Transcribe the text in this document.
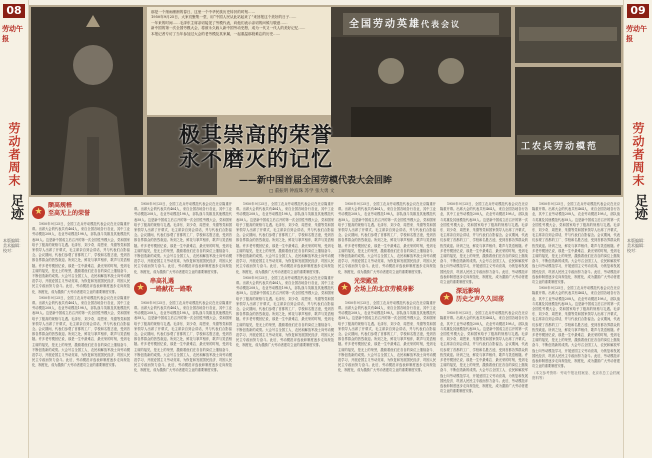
08
劳动午报
劳动者周末
足迹
本版编辑：
美术编辑：
校对：
09
劳动午报
劳动者周末
足迹
本版编辑：
美术编辑：
校对：
那是一个细雨淅淅的春日，这里一个中华民族历史转折的时刻……
1950年9月25日，大家们聚集一堂，用“中国人民从此站起来了”来回报这个美好的日子……
一年来的时间……毛泽东主席亲切接见了劳模代表，向他们表示亲切的问候与敬意……
新中国的第一次全国劳模大会，将被永久载入新中国劳动史册，成为一代又一代人的美好记忆……
本报记者专访了当年参加过大会的老劳模及其家属，一起重温那段难忘的历史……
全国劳动英雄 代表会议
工农兵劳动模范
极其崇高的荣誉
永不磨灭的记忆
——新中国首届全国劳模代表大会回眸
□ 董振明 钟波珠 苏学 张大勇 文
★
颇高规格
至高无上的荣誉

1950年9月25日，全国工农兵劳动模范代表会议在北京隆重开幕。出席大会的代表共有464人，来自全国各地各行各业，其中工业劳动模范208人，农业劳动模范198人，部队战斗英雄及其他模范代表58人。这是新中国成立后召开的第一次全国性劳模大会，党和国家给予了极高的规格与礼遇。毛泽东、刘少奇、周恩来、朱德等党和国家领导人出席了开幕式，毛主席亲自到会讲话，并与代表们合影留念。会议期间，代表们参观了首都的工厂、学校和名胜古迹，受到首都各界群众的热烈欢迎。所到之处，鲜花与掌声相伴，歌声与笑语相随。许多老劳模回忆说，那是一生中最难忘、最光荣的时刻，受到毛主席的接见，是无上的荣誉，激励着他们在各自的岗位上继续奋斗、不断创造新的成绩。大会号召全国工人、农民和解放军战士向劳动模范学习，开展爱国主义劳动竞赛，为恢复和发展国民经济、巩固人民民主专政而努力奋斗。此后，劳动模范评选表彰制度逐步走向规范化、制度化，成为激励广大劳动者建功立业的重要制度安排。

1950年9月25日，全国工农兵劳动模范代表会议在北京隆重开幕。出席大会的代表共有464人，来自全国各地各行各业，其中工业劳动模范208人，农业劳动模范198人，部队战斗英雄及其他模范代表58人。这是新中国成立后召开的第一次全国性劳模大会，党和国家给予了极高的规格与礼遇。毛泽东、刘少奇、周恩来、朱德等党和国家领导人出席了开幕式，毛主席亲自到会讲话，并与代表们合影留念。会议期间，代表们参观了首都的工厂、学校和名胜古迹，受到首都各界群众的热烈欢迎。所到之处，鲜花与掌声相伴，歌声与笑语相随。许多老劳模回忆说，那是一生中最难忘、最光荣的时刻，受到毛主席的接见，是无上的荣誉，激励着他们在各自的岗位上继续奋斗、不断创造新的成绩。大会号召全国工人、农民和解放军战士向劳动模范学习，开展爱国主义劳动竞赛，为恢复和发展国民经济、巩固人民民主专政而努力奋斗。此后，劳动模范评选表彰制度逐步走向规范化、制度化，成为激励广大劳动者建功立业的重要制度安排。

1950年9月25日，全国工农兵劳动模范代表会议在北京隆重开幕。出席大会的代表共有464人，来自全国各地各行各业，其中工业劳动模范208人，农业劳动模范198人，部队战斗英雄及其他模范代表58人。这是新中国成立后召开的第一次全国性劳模大会，党和国家给予了极高的规格与礼遇。毛泽东、刘少奇、周恩来、朱德等党和国家领导人出席了开幕式，毛主席亲自到会讲话，并与代表们合影留念。会议期间，代表们参观了首都的工厂、学校和名胜古迹，受到首都各界群众的热烈欢迎。所到之处，鲜花与掌声相伴，歌声与笑语相随。许多老劳模回忆说，那是一生中最难忘、最光荣的时刻，受到毛主席的接见，是无上的荣誉，激励着他们在各自的岗位上继续奋斗、不断创造新的成绩。大会号召全国工人、农民和解放军战士向劳动模范学习，开展爱国主义劳动竞赛，为恢复和发展国民经济、巩固人民民主专政而努力奋斗。此后，劳动模范评选表彰制度逐步走向规范化、制度化，成为激励广大劳动者建功立业的重要制度安排。

★
串高礼遇
一路献花一路歌

1950年9月25日，全国工农兵劳动模范代表会议在北京隆重开幕。出席大会的代表共有464人，来自全国各地各行各业，其中工业劳动模范208人，农业劳动模范198人，部队战斗英雄及其他模范代表58人。这是新中国成立后召开的第一次全国性劳模大会，党和国家给予了极高的规格与礼遇。毛泽东、刘少奇、周恩来、朱德等党和国家领导人出席了开幕式，毛主席亲自到会讲话，并与代表们合影留念。会议期间，代表们参观了首都的工厂、学校和名胜古迹，受到首都各界群众的热烈欢迎。所到之处，鲜花与掌声相伴，歌声与笑语相随。许多老劳模回忆说，那是一生中最难忘、最光荣的时刻，受到毛主席的接见，是无上的荣誉，激励着他们在各自的岗位上继续奋斗、不断创造新的成绩。大会号召全国工人、农民和解放军战士向劳动模范学习，开展爱国主义劳动竞赛，为恢复和发展国民经济、巩固人民民主专政而努力奋斗。此后，劳动模范评选表彰制度逐步走向规范化、制度化，成为激励广大劳动者建功立业的重要制度安排。

1950年9月25日，全国工农兵劳动模范代表会议在北京隆重开幕。出席大会的代表共有464人，来自全国各地各行各业，其中工业劳动模范208人，农业劳动模范198人，部队战斗英雄及其他模范代表58人。这是新中国成立后召开的第一次全国性劳模大会，党和国家给予了极高的规格与礼遇。毛泽东、刘少奇、周恩来、朱德等党和国家领导人出席了开幕式，毛主席亲自到会讲话，并与代表们合影留念。会议期间，代表们参观了首都的工厂、学校和名胜古迹，受到首都各界群众的热烈欢迎。所到之处，鲜花与掌声相伴，歌声与笑语相随。许多老劳模回忆说，那是一生中最难忘、最光荣的时刻，受到毛主席的接见，是无上的荣誉，激励着他们在各自的岗位上继续奋斗、不断创造新的成绩。大会号召全国工人、农民和解放军战士向劳动模范学习，开展爱国主义劳动竞赛，为恢复和发展国民经济、巩固人民民主专政而努力奋斗。此后，劳动模范评选表彰制度逐步走向规范化、制度化，成为激励广大劳动者建功立业的重要制度安排。

1950年9月25日，全国工农兵劳动模范代表会议在北京隆重开幕。出席大会的代表共有464人，来自全国各地各行各业，其中工业劳动模范208人，农业劳动模范198人，部队战斗英雄及其他模范代表58人。这是新中国成立后召开的第一次全国性劳模大会，党和国家给予了极高的规格与礼遇。毛泽东、刘少奇、周恩来、朱德等党和国家领导人出席了开幕式，毛主席亲自到会讲话，并与代表们合影留念。会议期间，代表们参观了首都的工厂、学校和名胜古迹，受到首都各界群众的热烈欢迎。所到之处，鲜花与掌声相伴，歌声与笑语相随。许多老劳模回忆说，那是一生中最难忘、最光荣的时刻，受到毛主席的接见，是无上的荣誉，激励着他们在各自的岗位上继续奋斗、不断创造新的成绩。大会号召全国工人、农民和解放军战士向劳动模范学习，开展爱国主义劳动竞赛，为恢复和发展国民经济、巩固人民民主专政而努力奋斗。此后，劳动模范评选表彰制度逐步走向规范化、制度化，成为激励广大劳动者建功立业的重要制度安排。

1950年9月25日，全国工农兵劳动模范代表会议在北京隆重开幕。出席大会的代表共有464人，来自全国各地各行各业，其中工业劳动模范208人，农业劳动模范198人，部队战斗英雄及其他模范代表58人。这是新中国成立后召开的第一次全国性劳模大会，党和国家给予了极高的规格与礼遇。毛泽东、刘少奇、周恩来、朱德等党和国家领导人出席了开幕式，毛主席亲自到会讲话，并与代表们合影留念。会议期间，代表们参观了首都的工厂、学校和名胜古迹，受到首都各界群众的热烈欢迎。所到之处，鲜花与掌声相伴，歌声与笑语相随。许多老劳模回忆说，那是一生中最难忘、最光荣的时刻，受到毛主席的接见，是无上的荣誉，激励着他们在各自的岗位上继续奋斗、不断创造新的成绩。大会号召全国工人、农民和解放军战士向劳动模范学习，开展爱国主义劳动竞赛，为恢复和发展国民经济、巩固人民民主专政而努力奋斗。此后，劳动模范评选表彰制度逐步走向规范化、制度化，成为激励广大劳动者建功立业的重要制度安排。

★
光荣殿堂
会场上的北京劳模身影

1950年9月25日，全国工农兵劳动模范代表会议在北京隆重开幕。出席大会的代表共有464人，来自全国各地各行各业，其中工业劳动模范208人，农业劳动模范198人，部队战斗英雄及其他模范代表58人。这是新中国成立后召开的第一次全国性劳模大会，党和国家给予了极高的规格与礼遇。毛泽东、刘少奇、周恩来、朱德等党和国家领导人出席了开幕式，毛主席亲自到会讲话，并与代表们合影留念。会议期间，代表们参观了首都的工厂、学校和名胜古迹，受到首都各界群众的热烈欢迎。所到之处，鲜花与掌声相伴，歌声与笑语相随。许多老劳模回忆说，那是一生中最难忘、最光荣的时刻，受到毛主席的接见，是无上的荣誉，激励着他们在各自的岗位上继续奋斗、不断创造新的成绩。大会号召全国工人、农民和解放军战士向劳动模范学习，开展爱国主义劳动竞赛，为恢复和发展国民经济、巩固人民民主专政而努力奋斗。此后，劳动模范评选表彰制度逐步走向规范化、制度化，成为激励广大劳动者建功立业的重要制度安排。

1950年9月25日，全国工农兵劳动模范代表会议在北京隆重开幕。出席大会的代表共有464人，来自全国各地各行各业，其中工业劳动模范208人，农业劳动模范198人，部队战斗英雄及其他模范代表58人。这是新中国成立后召开的第一次全国性劳模大会，党和国家给予了极高的规格与礼遇。毛泽东、刘少奇、周恩来、朱德等党和国家领导人出席了开幕式，毛主席亲自到会讲话，并与代表们合影留念。会议期间，代表们参观了首都的工厂、学校和名胜古迹，受到首都各界群众的热烈欢迎。所到之处，鲜花与掌声相伴，歌声与笑语相随。许多老劳模回忆说，那是一生中最难忘、最光荣的时刻，受到毛主席的接见，是无上的荣誉，激励着他们在各自的岗位上继续奋斗、不断创造新的成绩。大会号召全国工人、农民和解放军战士向劳动模范学习，开展爱国主义劳动竞赛，为恢复和发展国民经济、巩固人民民主专政而努力奋斗。此后，劳动模范评选表彰制度逐步走向规范化、制度化，成为激励广大劳动者建功立业的重要制度安排。

★
深远影响
历史之声久久回荡

1950年9月25日，全国工农兵劳动模范代表会议在北京隆重开幕。出席大会的代表共有464人，来自全国各地各行各业，其中工业劳动模范208人，农业劳动模范198人，部队战斗英雄及其他模范代表58人。这是新中国成立后召开的第一次全国性劳模大会，党和国家给予了极高的规格与礼遇。毛泽东、刘少奇、周恩来、朱德等党和国家领导人出席了开幕式，毛主席亲自到会讲话，并与代表们合影留念。会议期间，代表们参观了首都的工厂、学校和名胜古迹，受到首都各界群众的热烈欢迎。所到之处，鲜花与掌声相伴，歌声与笑语相随。许多老劳模回忆说，那是一生中最难忘、最光荣的时刻，受到毛主席的接见，是无上的荣誉，激励着他们在各自的岗位上继续奋斗、不断创造新的成绩。大会号召全国工人、农民和解放军战士向劳动模范学习，开展爱国主义劳动竞赛，为恢复和发展国民经济、巩固人民民主专政而努力奋斗。此后，劳动模范评选表彰制度逐步走向规范化、制度化，成为激励广大劳动者建功立业的重要制度安排。

1950年9月25日，全国工农兵劳动模范代表会议在北京隆重开幕。出席大会的代表共有464人，来自全国各地各行各业，其中工业劳动模范208人，农业劳动模范198人，部队战斗英雄及其他模范代表58人。这是新中国成立后召开的第一次全国性劳模大会，党和国家给予了极高的规格与礼遇。毛泽东、刘少奇、周恩来、朱德等党和国家领导人出席了开幕式，毛主席亲自到会讲话，并与代表们合影留念。会议期间，代表们参观了首都的工厂、学校和名胜古迹，受到首都各界群众的热烈欢迎。所到之处，鲜花与掌声相伴，歌声与笑语相随。许多老劳模回忆说，那是一生中最难忘、最光荣的时刻，受到毛主席的接见，是无上的荣誉，激励着他们在各自的岗位上继续奋斗、不断创造新的成绩。大会号召全国工人、农民和解放军战士向劳动模范学习，开展爱国主义劳动竞赛，为恢复和发展国民经济、巩固人民民主专政而努力奋斗。此后，劳动模范评选表彰制度逐步走向规范化、制度化，成为激励广大劳动者建功立业的重要制度安排。

1950年9月25日，全国工农兵劳动模范代表会议在北京隆重开幕。出席大会的代表共有464人，来自全国各地各行各业，其中工业劳动模范208人，农业劳动模范198人，部队战斗英雄及其他模范代表58人。这是新中国成立后召开的第一次全国性劳模大会，党和国家给予了极高的规格与礼遇。毛泽东、刘少奇、周恩来、朱德等党和国家领导人出席了开幕式，毛主席亲自到会讲话，并与代表们合影留念。会议期间，代表们参观了首都的工厂、学校和名胜古迹，受到首都各界群众的热烈欢迎。所到之处，鲜花与掌声相伴，歌声与笑语相随。许多老劳模回忆说，那是一生中最难忘、最光荣的时刻，受到毛主席的接见，是无上的荣誉，激励着他们在各自的岗位上继续奋斗、不断创造新的成绩。大会号召全国工人、农民和解放军战士向劳动模范学习，开展爱国主义劳动竞赛，为恢复和发展国民经济、巩固人民民主专政而努力奋斗。此后，劳动模范评选表彰制度逐步走向规范化、制度化，成为激励广大劳动者建功立业的重要制度安排。

（本文参考资料：劳动午报社档案室、北京市总工会档案资料等）
